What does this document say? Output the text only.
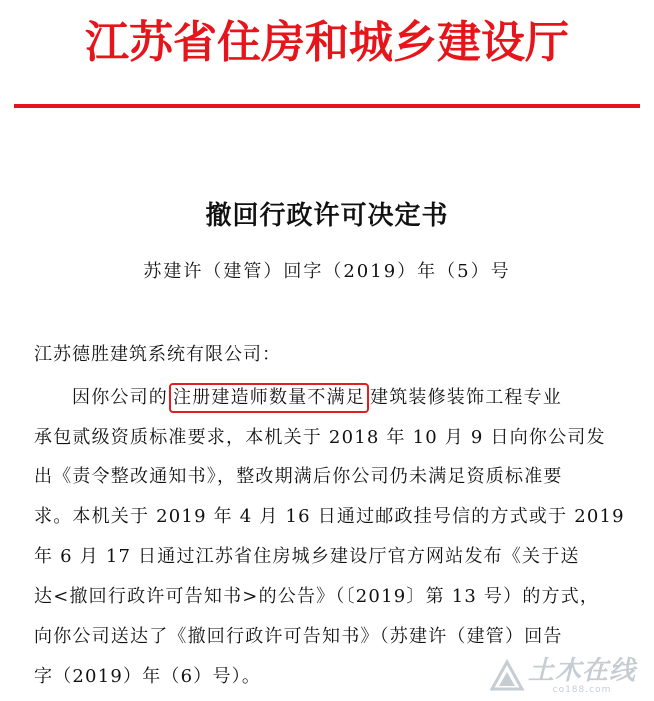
江苏省住房和城乡建设厅
撤回行政许可决定书
苏建许（建管）回字（2019）年（5）号
江苏德胜建筑系统有限公司：
因你公司的 注册建造师数量不满足 建筑装修装饰工程专业
承包贰级资质标准要求，本机关于 2018 年 10 月 9 日向你公司发
出《责令整改通知书》，整改期满后你公司仍未满足资质标准要
求。本机关于 2019 年 4 月 16 日通过邮政挂号信的方式或于 2019
年 6 月 17 日通过江苏省住房城乡建设厅官方网站发布《关于送
达<撤回行政许可告知书>的公告》（〔2019〕第 13 号）的方式，
向你公司送达了《撤回行政许可告知书》（苏建许（建管）回告
字（2019）年（6）号）。	土木在线
co188.com
